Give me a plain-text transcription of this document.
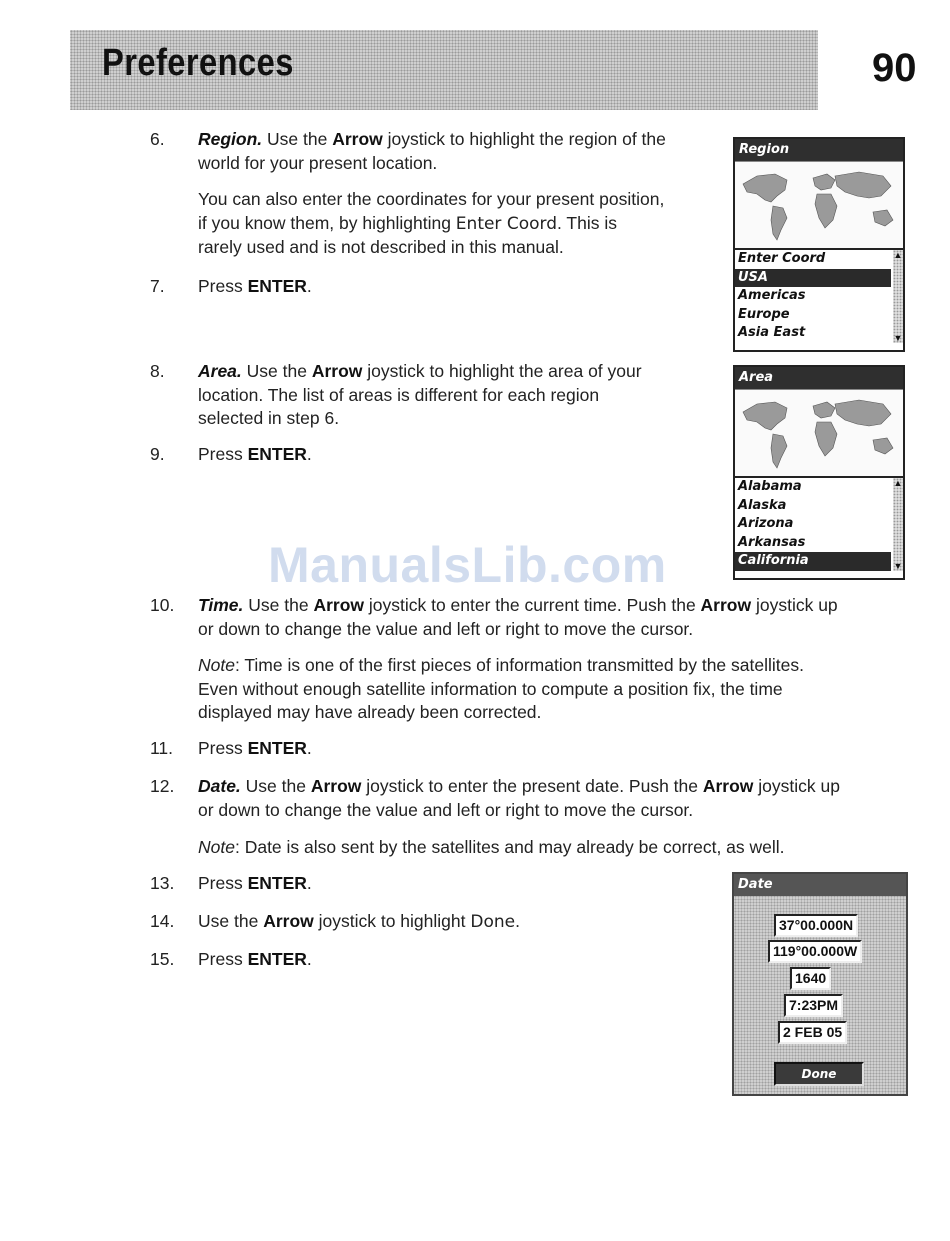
Preferences	90
6. Region. Use the Arrow joystick to highlight the region of the
world for your present location.
You can also enter the coordinates for your present position,
if you know them, by highlighting Enter Coord. This is
rarely used and is not described in this manual.
7. Press ENTER.
8. Area. Use the Arrow joystick to highlight the area of your
location. The list of areas is different for each region
selected in step 6.
9. Press ENTER.
ManualsLib.com
10. Time. Use the Arrow joystick to enter the current time. Push the Arrow joystick up
or down to change the value and left or right to move the cursor.
Note: Time is one of the first pieces of information transmitted by the satellites.
Even without enough satellite information to compute a position fix, the time
displayed may have already been corrected.
11. Press ENTER.
12. Date. Use the Arrow joystick to enter the present date. Push the Arrow joystick up
or down to change the value and left or right to move the cursor.
Note: Date is also sent by the satellites and may already be correct, as well.
13. Press ENTER.
14. Use the Arrow joystick to highlight Done.
15. Press ENTER.
Region
Enter Coord
USA
Americas
Europe
Asia East
▲
▼
Area
Alabama
Alaska
Arizona
Arkansas
California
▲
▼
Date
37°00.000N
119°00.000W
1640
7:23PM
2 FEB 05
Done
